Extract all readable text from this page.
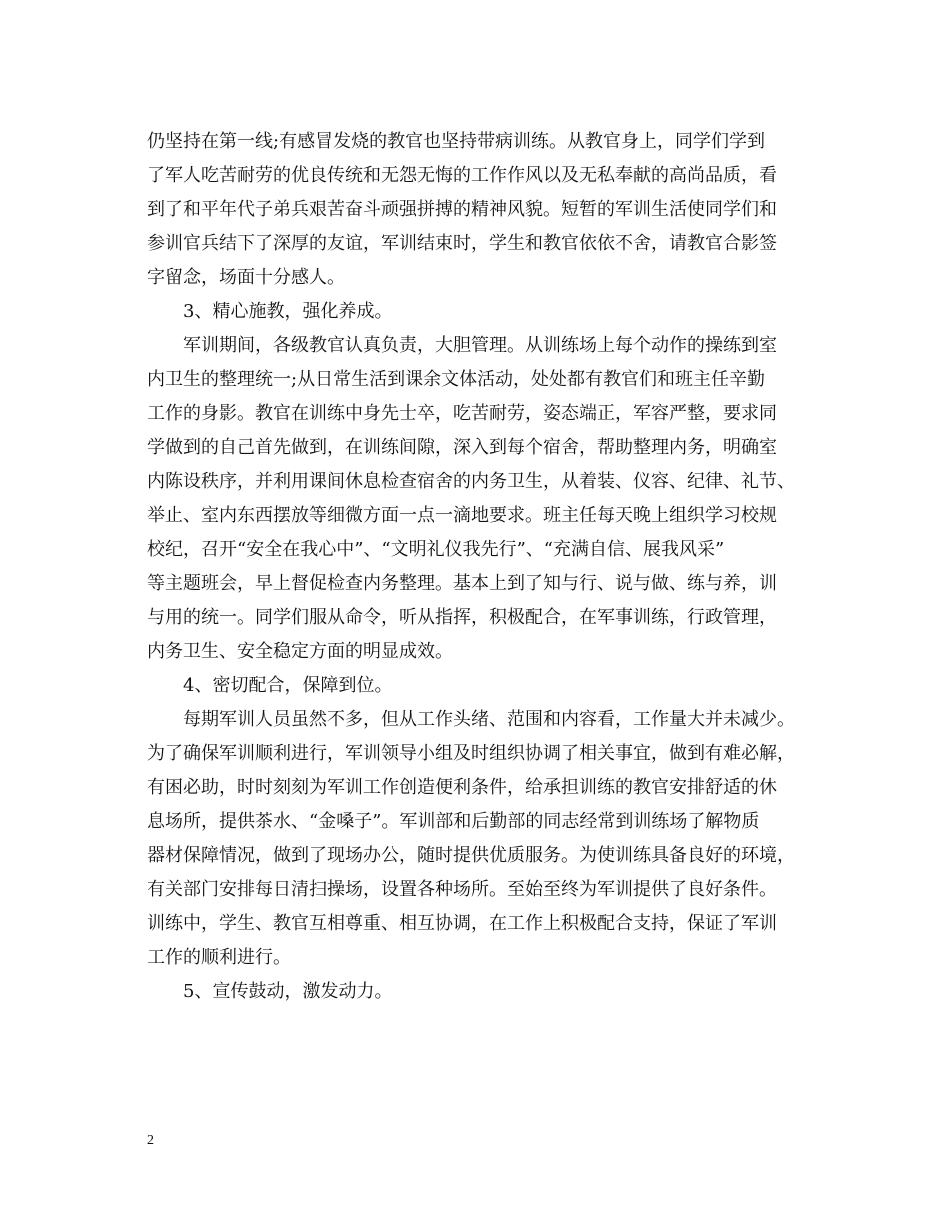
仍坚持在第一线;有感冒发烧的教官也坚持带病训练。从教官身上，同学们学到
了军人吃苦耐劳的优良传统和无怨无悔的工作作风以及无私奉献的高尚品质，看
到了和平年代子弟兵艰苦奋斗顽强拼搏的精神风貌。短暂的军训生活使同学们和
参训官兵结下了深厚的友谊，军训结束时，学生和教官依依不舍，请教官合影签
字留念，场面十分感人。
3、精心施教，强化养成。
军训期间，各级教官认真负责，大胆管理。从训练场上每个动作的操练到室
内卫生的整理统一;从日常生活到课余文体活动，处处都有教官们和班主任辛勤
工作的身影。教官在训练中身先士卒，吃苦耐劳，姿态端正，军容严整，要求同
学做到的自己首先做到，在训练间隙，深入到每个宿舍，帮助整理内务，明确室
内陈设秩序，并利用课间休息检查宿舍的内务卫生，从着装、仪容、纪律、礼节、
举止、室内东西摆放等细微方面一点一滴地要求。班主任每天晚上组织学习校规
校纪，召开“安全在我心中”、“文明礼仪我先行”、“充满自信、展我风采”
等主题班会，早上督促检查内务整理。基本上到了知与行、说与做、练与养，训
与用的统一。同学们服从命令，听从指挥，积极配合，在军事训练，行政管理，
内务卫生、安全稳定方面的明显成效。
4、密切配合，保障到位。
每期军训人员虽然不多，但从工作头绪、范围和内容看，工作量大并未减少。
为了确保军训顺利进行，军训领导小组及时组织协调了相关事宜，做到有难必解，
有困必助，时时刻刻为军训工作创造便利条件，给承担训练的教官安排舒适的休
息场所，提供茶水、“金嗓子”。军训部和后勤部的同志经常到训练场了解物质
器材保障情况，做到了现场办公，随时提供优质服务。为使训练具备良好的环境，
有关部门安排每日清扫操场，设置各种场所。至始至终为军训提供了良好条件。
训练中，学生、教官互相尊重、相互协调，在工作上积极配合支持，保证了军训
工作的顺利进行。
5、宣传鼓动，激发动力。
2
